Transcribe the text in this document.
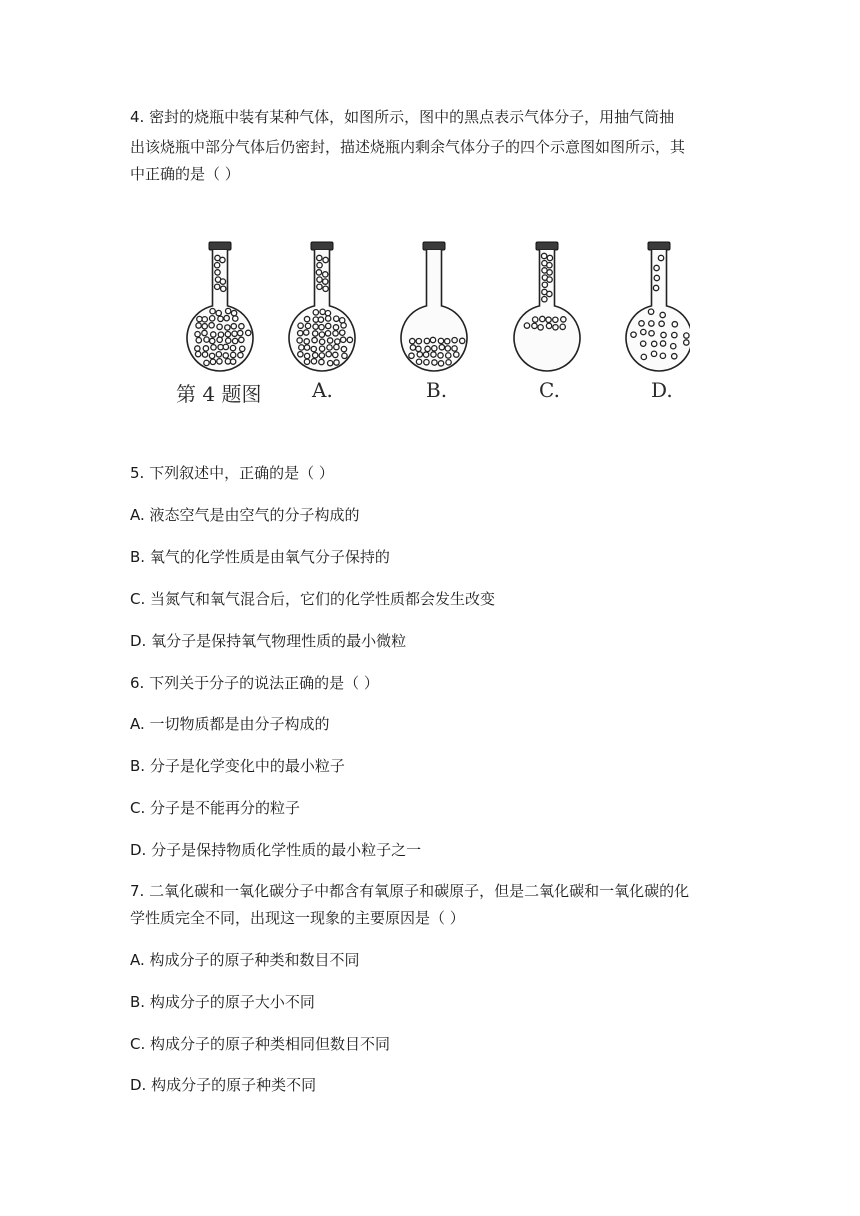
4. 密封的烧瓶中装有某种气体，如图所示，图中的黑点表示气体分子，用抽气筒抽
出该烧瓶中部分气体后仍密封，描述烧瓶内剩余气体分子的四个示意图如图所示，其
中正确的是（ ）
第 4 题图	A.	B.	C.	D.
5. 下列叙述中，正确的是（ ）
A. 液态空气是由空气的分子构成的
B. 氧气的化学性质是由氧气分子保持的
C. 当氮气和氧气混合后，它们的化学性质都会发生改变
D. 氧分子是保持氧气物理性质的最小微粒
6. 下列关于分子的说法正确的是（ ）
A. 一切物质都是由分子构成的
B. 分子是化学变化中的最小粒子
C. 分子是不能再分的粒子
D. 分子是保持物质化学性质的最小粒子之一
7. 二氧化碳和一氧化碳分子中都含有氧原子和碳原子，但是二氧化碳和一氧化碳的化
学性质完全不同，出现这一现象的主要原因是（ ）
A. 构成分子的原子种类和数目不同
B. 构成分子的原子大小不同
C. 构成分子的原子种类相同但数目不同
D. 构成分子的原子种类不同
